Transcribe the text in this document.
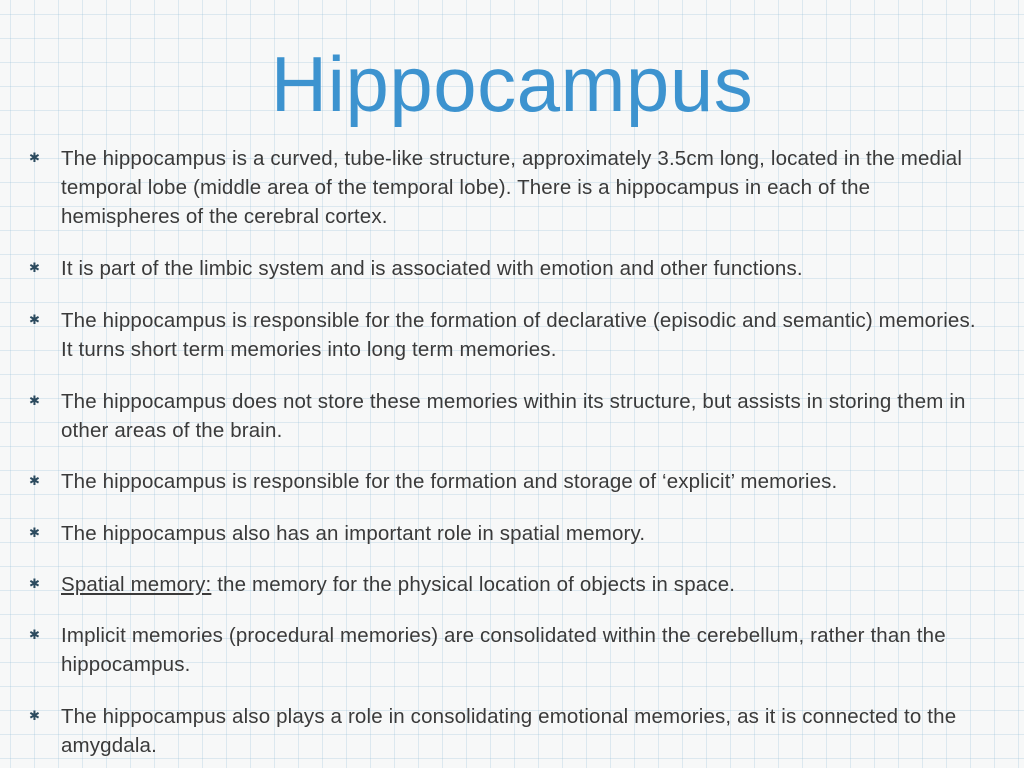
Hippocampus
✱ The hippocampus is a curved, tube-like structure, approximately 3.5cm long, located in the medial temporal lobe (middle area of the temporal lobe). There is a hippocampus in each of the hemispheres of the cerebral cortex.

✱ It is part of the limbic system and is associated with emotion and other functions.

✱ The hippocampus is responsible for the formation of declarative (episodic and semantic) memories. It turns short term memories into long term memories.

✱ The hippocampus does not store these memories within its structure, but assists in storing them in other areas of the brain.

✱ The hippocampus is responsible for the formation and storage of ‘explicit’ memories.

✱ The hippocampus also has an important role in spatial memory.

✱ Spatial memory: the memory for the physical location of objects in space.

✱ Implicit memories (procedural memories) are consolidated within the cerebellum, rather than the hippocampus.

✱ The hippocampus also plays a role in consolidating emotional memories, as it is connected to the amygdala.
